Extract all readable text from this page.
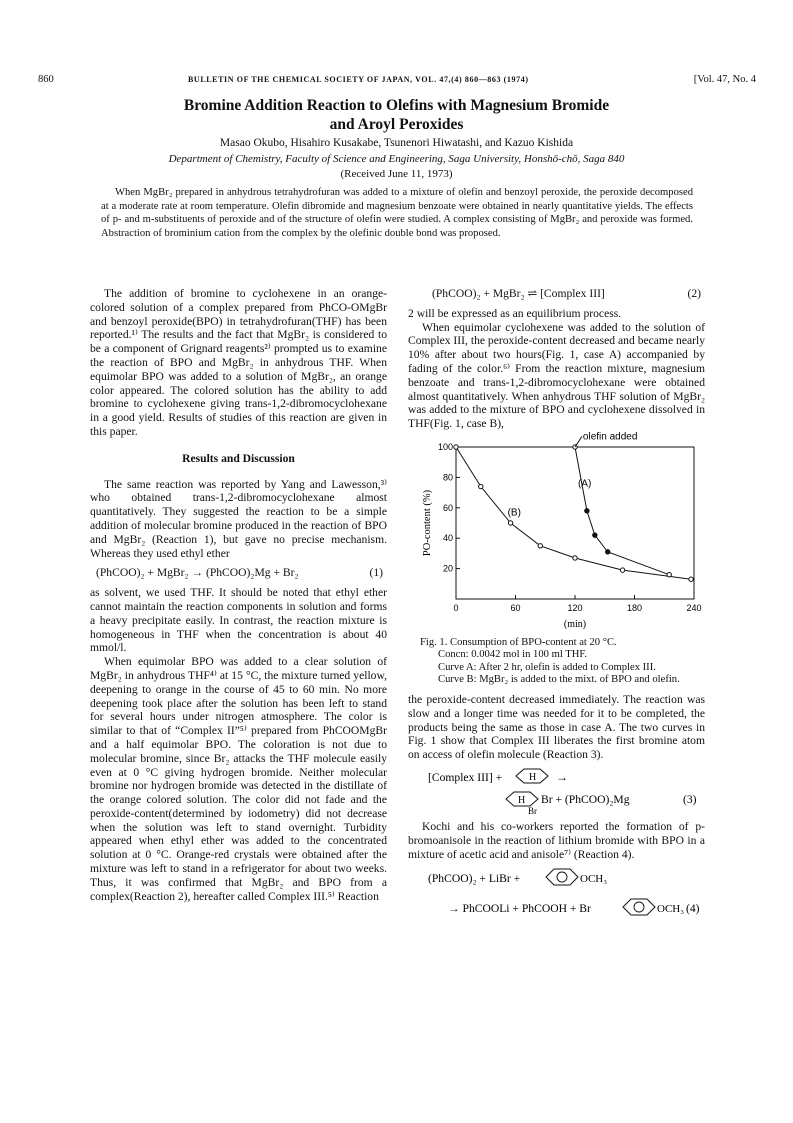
860	BULLETIN OF THE CHEMICAL SOCIETY OF JAPAN, VOL. 47,(4) 860—863 (1974)	[Vol. 47, No. 4
Bromine Addition Reaction to Olefins with Magnesium Bromide
and Aroyl Peroxides
Masao Okubo, Hisahiro Kusakabe, Tsunenori Hiwatashi, and Kazuo Kishida
Department of Chemistry, Faculty of Science and Engineering, Saga University, Honshō-chō, Saga 840
(Received June 11, 1973)
When MgBr₂ prepared in anhydrous tetrahydrofuran was added to a mixture of olefin and benzoyl peroxide, the peroxide decomposed at a moderate rate at room temperature. Olefin dibromide and magnesium benzoate were obtained in nearly quantitative yields. The effects of p- and m-substituents of peroxide and of the structure of olefin were studied. A complex consisting of MgBr₂ and peroxide was formed. Abstraction of brominium cation from the complex by the olefinic double bond was proposed.

The addition of bromine to cyclohexene in an orange-colored solution of a complex prepared from PhCO-OMgBr and benzoyl peroxide(BPO) in tetrahydrofuran(THF) has been reported.¹⁾ The results and the fact that MgBr₂ is considered to be a component of Grignard reagents²⁾ prompted us to examine the reaction of BPO and MgBr₂ in anhydrous THF. When equimolar BPO was added to a solution of MgBr₂, an orange color appeared. The colored solution has the ability to add bromine to cyclohexene giving trans-1,2-dibromocyclohexane in a good yield. Results of studies of this reaction are given in this paper.

Results and Discussion

The same reaction was reported by Yang and Lawesson,³⁾ who obtained trans-1,2-dibromocyclohexane almost quantitatively. They suggested the reaction to be a simple addition of molecular bromine produced in the reaction of BPO and MgBr₂ (Reaction 1), but gave no precise mechanism. Whereas they used ethyl ether

(PhCOO)₂ + MgBr₂ → (PhCOO)₂Mg + Br₂	(1)

as solvent, we used THF. It should be noted that ethyl ether cannot maintain the reaction components in solution and forms a heavy precipitate easily. In contrast, the reaction mixture is homogeneous in THF when the concentration is about 40 mmol/l.

When equimolar BPO was added to a clear solution of MgBr₂ in anhydrous THF⁴⁾ at 15 °C, the mixture turned yellow, deepening to orange in the course of 45 to 60 min. No more deepening took place after the solution has been left to stand for several hours under nitrogen atmosphere. The color is similar to that of “Complex II”⁵⁾ prepared from PhCOOMgBr and a half equimolar BPO. The coloration is not due to molecular bromine, since Br₂ attacks the THF molecule easily even at 0 °C giving hydrogen bromide. Neither molecular bromine nor hydrogen bromide was detected in the distillate of the orange colored solution. The color did not fade and the peroxide-content(determined by iodometry) did not decrease when the solution was left to stand overnight. Turbidity appeared when ethyl ether was added to the concentrated solution at 0 °C. Orange-red crystals were obtained after the mixture was left to stand in a refrigerator for about two weeks. Thus, it was confirmed that MgBr₂ and BPO from a complex(Reaction 2), hereafter called Complex III.⁵⁾ Reaction

(PhCOO)₂ + MgBr₂ ⇌ [Complex III]	(2)

2 will be expressed as an equilibrium process.

When equimolar cyclohexene was added to the solution of Complex III, the peroxide-content decreased and became nearly 10% after about two hours(Fig. 1, case A) accompanied by fading of the color.⁶⁾ From the reaction mixture, magnesium benzoate and trans-1,2-dibromocyclohexane were obtained almost quantitatively. When anhydrous THF solution of MgBr₂ was added to the mixture of BPO and cyclohexene dissolved in THF(Fig. 1, case B),

0	60	120	180	240
20
40
60
80
100
(min)
PO-content (%)
(A)
(B)
olefin added
Fig. 1. Consumption of BPO-content at 20 °C.
Concn: 0.0042 mol in 100 ml THF.
Curve A: After 2 hr, olefin is added to Complex III.
Curve B: MgBr₂ is added to the mixt. of BPO and olefin.

the peroxide-content decreased immediately. The reaction was slow and a longer time was needed for it to be completed, the products being the same as those in case A. The two curves in Fig. 1 show that Complex III liberates the first bromine atom on access of olefin molecule (Reaction 3).

[Complex III] +	H →
H Br + (PhCOO)₂Mg
Br
(3)

Kochi and his co-workers reported the formation of p-bromoanisole in the reaction of lithium bromide with BPO in a mixture of acetic acid and anisole⁷⁾ (Reaction 4).

(PhCOO)₂ + LiBr +	OCH₃
→ PhCOOLi + PhCOOH + Br	OCH₃ (4)
